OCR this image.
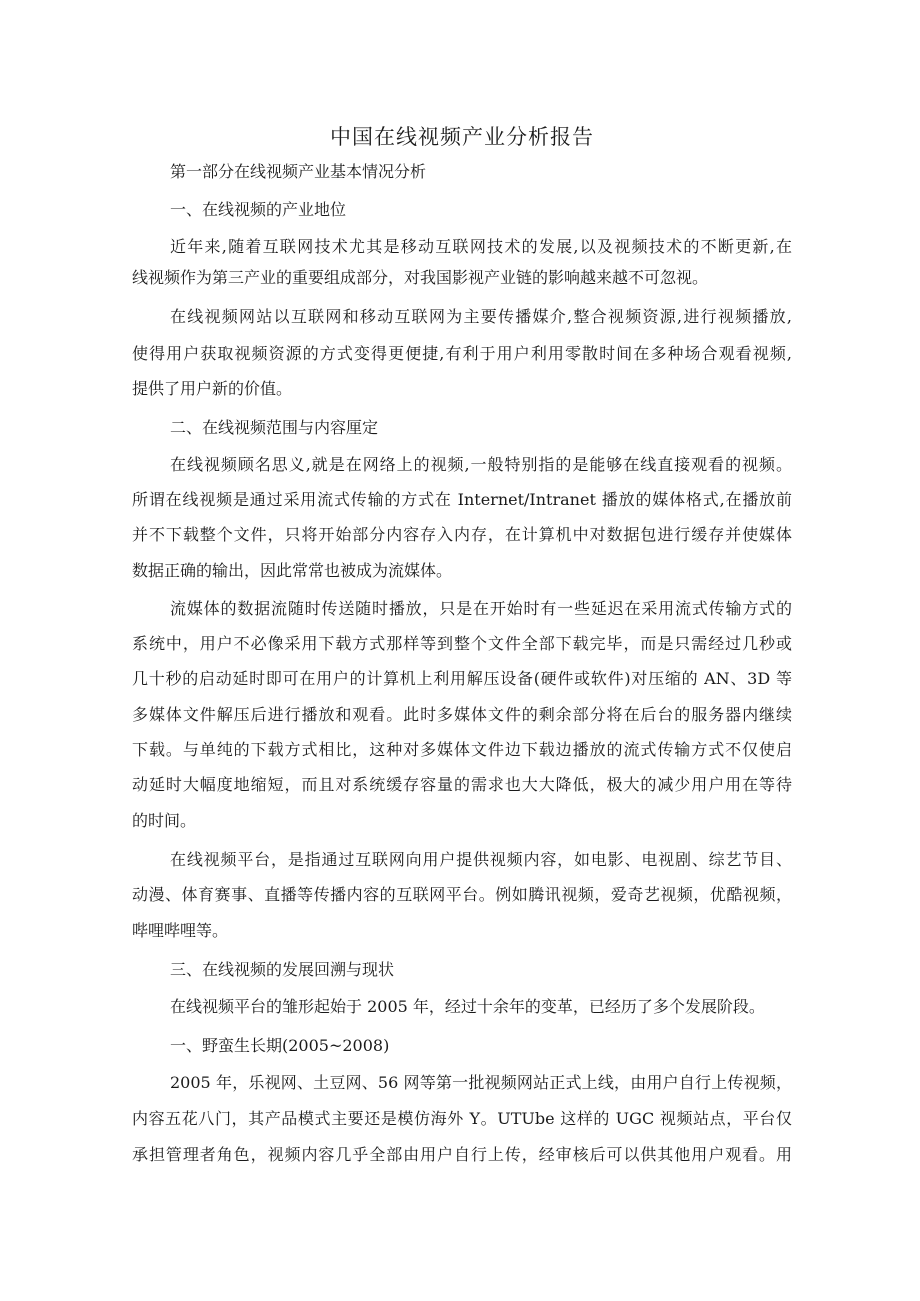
中国在线视频产业分析报告

第一部分在线视频产业基本情况分析

一、在线视频的产业地位

近年来,随着互联网技术尤其是移动互联网技术的发展,以及视频技术的不断更新,在

线视频作为第三产业的重要组成部分，对我国影视产业链的影响越来越不可忽视。

在线视频网站以互联网和移动互联网为主要传播媒介,整合视频资源,进行视频播放,

使得用户获取视频资源的方式变得更便捷,有利于用户利用零散时间在多种场合观看视频,

提供了用户新的价值。

二、在线视频范围与内容厘定

在线视频顾名思义,就是在网络上的视频,一般特别指的是能够在线直接观看的视频。

所谓在线视频是通过采用流式传输的方式在 Internet/Intranet 播放的媒体格式,在播放前

并不下载整个文件，只将开始部分内容存入内存，在计算机中对数据包进行缓存并使媒体

数据正确的输出，因此常常也被成为流媒体。

流媒体的数据流随时传送随时播放，只是在开始时有一些延迟在采用流式传输方式的

系统中，用户不必像采用下载方式那样等到整个文件全部下载完毕，而是只需经过几秒或

几十秒的启动延时即可在用户的计算机上利用解压设备(硬件或软件)对压缩的 AN、3D 等

多媒体文件解压后进行播放和观看。此时多媒体文件的剩余部分将在后台的服务器内继续

下载。与单纯的下载方式相比，这种对多媒体文件边下载边播放的流式传输方式不仅使启

动延时大幅度地缩短，而且对系统缓存容量的需求也大大降低，极大的减少用户用在等待

的时间。

在线视频平台，是指通过互联网向用户提供视频内容，如电影、电视剧、综艺节目、

动漫、体育赛事、直播等传播内容的互联网平台。例如腾讯视频，爱奇艺视频，优酷视频，

哔哩哔哩等。

三、在线视频的发展回溯与现状

在线视频平台的雏形起始于 2005 年，经过十余年的变革，已经历了多个发展阶段。

一、野蛮生长期(2005~2008)

2005 年，乐视网、土豆网、56 网等第一批视频网站正式上线，由用户自行上传视频，

内容五花八门，其产品模式主要还是模仿海外 Y。UTUbe 这样的 UGC 视频站点，平台仅

承担管理者角色，视频内容几乎全部由用户自行上传，经审核后可以供其他用户观看。用
